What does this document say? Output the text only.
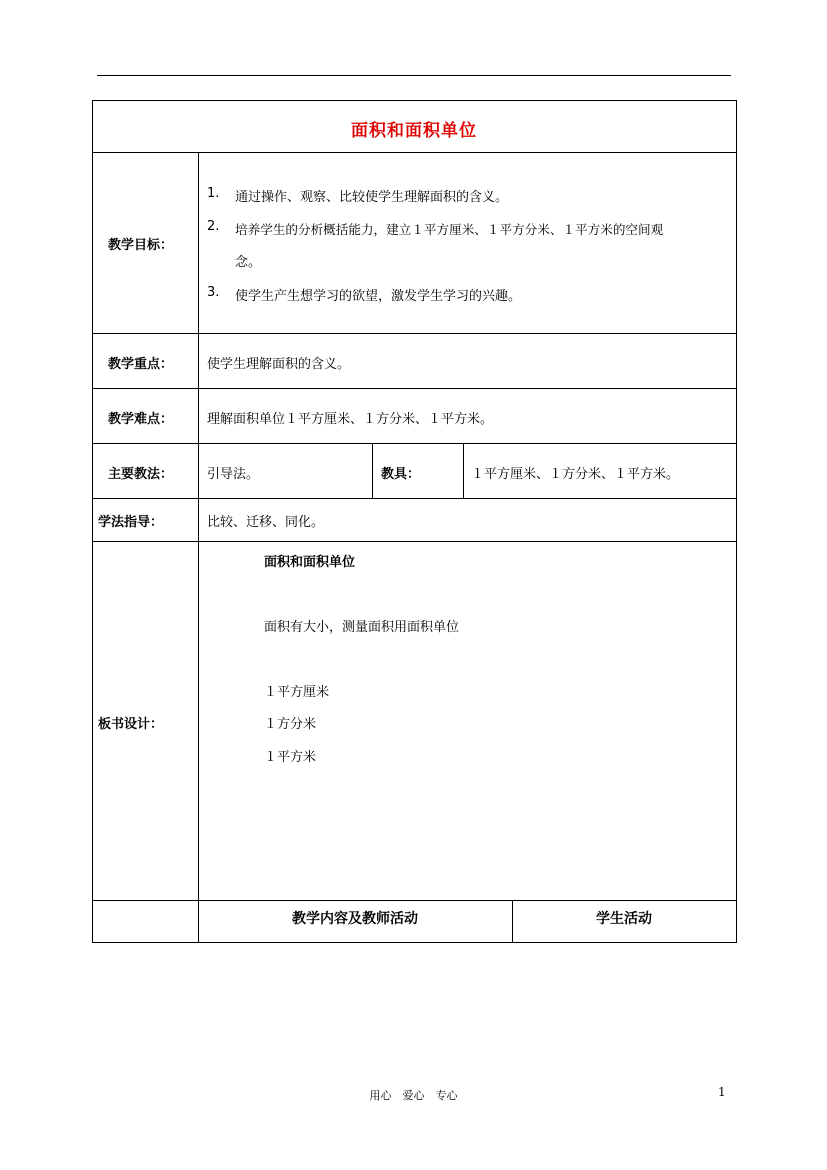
面积和面积单位
教学目标：
1. 通过操作、观察、比较使学生理解面积的含义。
2. 培养学生的分析概括能力，建立１平方厘米、１平方分米、１平方米的空间观
念。
3. 使学生产生想学习的欲望，激发学生学习的兴趣。
教学重点：	使学生理解面积的含义。
教学难点：	理解面积单位１平方厘米、１方分米、１平方米。
主要教法：	引导法。	教具：	１平方厘米、１方分米、１平方米。
学法指导：	比较、迁移、同化。
板书设计：
面积和面积单位
面积有大小，测量面积用面积单位
１平方厘米
１方分米
１平方米
教学内容及教师活动	学生活动
用心　爱心　专心	1
